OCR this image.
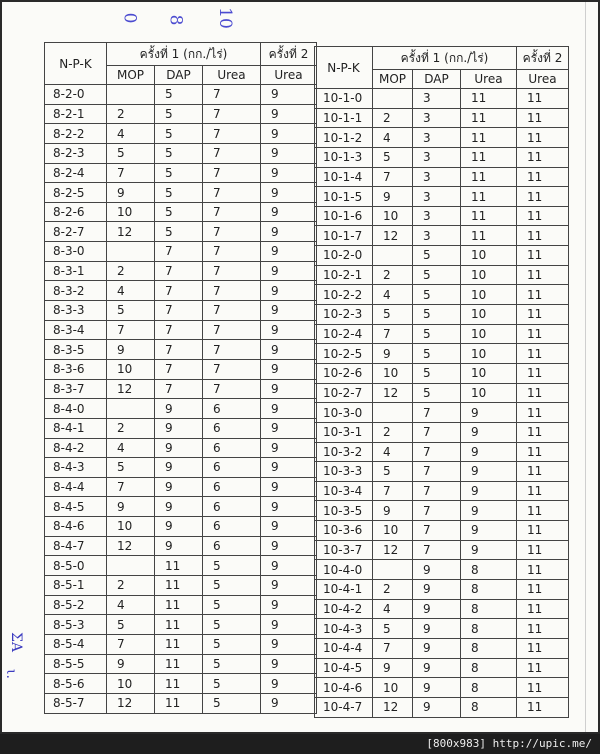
0 8 10
ΣΑ
ι.
N-P-K	ครั้งที่ 1 (กก./ไร่)			ครั้งที่ 2
	MOP	DAP	Urea	Urea
8-2-0		5	7	9
8-2-1	2	5	7	9
8-2-2	4	5	7	9
8-2-3	5	5	7	9
8-2-4	7	5	7	9
8-2-5	9	5	7	9
8-2-6	10	5	7	9
8-2-7	12	5	7	9
8-3-0		7	7	9
8-3-1	2	7	7	9
8-3-2	4	7	7	9
8-3-3	5	7	7	9
8-3-4	7	7	7	9
8-3-5	9	7	7	9
8-3-6	10	7	7	9
8-3-7	12	7	7	9
8-4-0		9	6	9
8-4-1	2	9	6	9
8-4-2	4	9	6	9
8-4-3	5	9	6	9
8-4-4	7	9	6	9
8-4-5	9	9	6	9
8-4-6	10	9	6	9
8-4-7	12	9	6	9
8-5-0		11	5	9
8-5-1	2	11	5	9
8-5-2	4	11	5	9
8-5-3	5	11	5	9
8-5-4	7	11	5	9
8-5-5	9	11	5	9
8-5-6	10	11	5	9
8-5-7	12	11	5	9
N-P-K	ครั้งที่ 1 (กก./ไร่)			ครั้งที่ 2
	MOP	DAP	Urea	Urea
10-1-0		3	11	11
10-1-1	2	3	11	11
10-1-2	4	3	11	11
10-1-3	5	3	11	11
10-1-4	7	3	11	11
10-1-5	9	3	11	11
10-1-6	10	3	11	11
10-1-7	12	3	11	11
10-2-0		5	10	11
10-2-1	2	5	10	11
10-2-2	4	5	10	11
10-2-3	5	5	10	11
10-2-4	7	5	10	11
10-2-5	9	5	10	11
10-2-6	10	5	10	11
10-2-7	12	5	10	11
10-3-0		7	9	11
10-3-1	2	7	9	11
10-3-2	4	7	9	11
10-3-3	5	7	9	11
10-3-4	7	7	9	11
10-3-5	9	7	9	11
10-3-6	10	7	9	11
10-3-7	12	7	9	11
10-4-0		9	8	11
10-4-1	2	9	8	11
10-4-2	4	9	8	11
10-4-3	5	9	8	11
10-4-4	7	9	8	11
10-4-5	9	9	8	11
10-4-6	10	9	8	11
10-4-7	12	9	8	11
[800x983] http://upic.me/
